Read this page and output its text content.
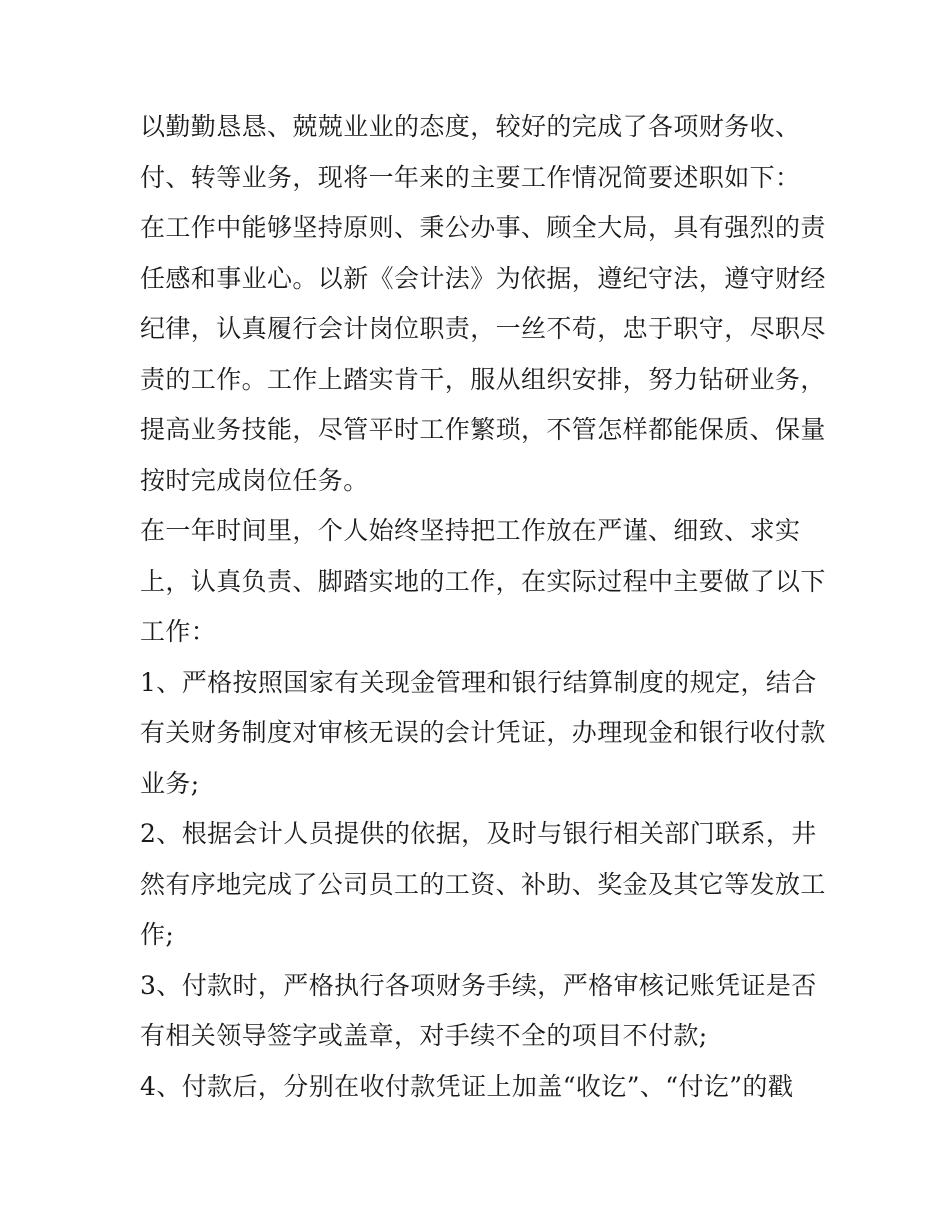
以勤勤恳恳、兢兢业业的态度，较好的完成了各项财务收、
付、转等业务，现将一年来的主要工作情况简要述职如下：
在工作中能够坚持原则、秉公办事、顾全大局，具有强烈的责
任感和事业心。以新《会计法》为依据，遵纪守法，遵守财经
纪律，认真履行会计岗位职责，一丝不苟，忠于职守，尽职尽
责的工作。工作上踏实肯干，服从组织安排，努力钻研业务，
提高业务技能，尽管平时工作繁琐，不管怎样都能保质、保量
按时完成岗位任务。
在一年时间里，个人始终坚持把工作放在严谨、细致、求实
上，认真负责、脚踏实地的工作，在实际过程中主要做了以下
工作：
1、严格按照国家有关现金管理和银行结算制度的规定，结合
有关财务制度对审核无误的会计凭证，办理现金和银行收付款
业务;
2、根据会计人员提供的依据，及时与银行相关部门联系，井
然有序地完成了公司员工的工资、补助、奖金及其它等发放工
作;
3、付款时，严格执行各项财务手续，严格审核记账凭证是否
有相关领导签字或盖章，对手续不全的项目不付款;
4、付款后，分别在收付款凭证上加盖“收讫”、“付讫”的戳
